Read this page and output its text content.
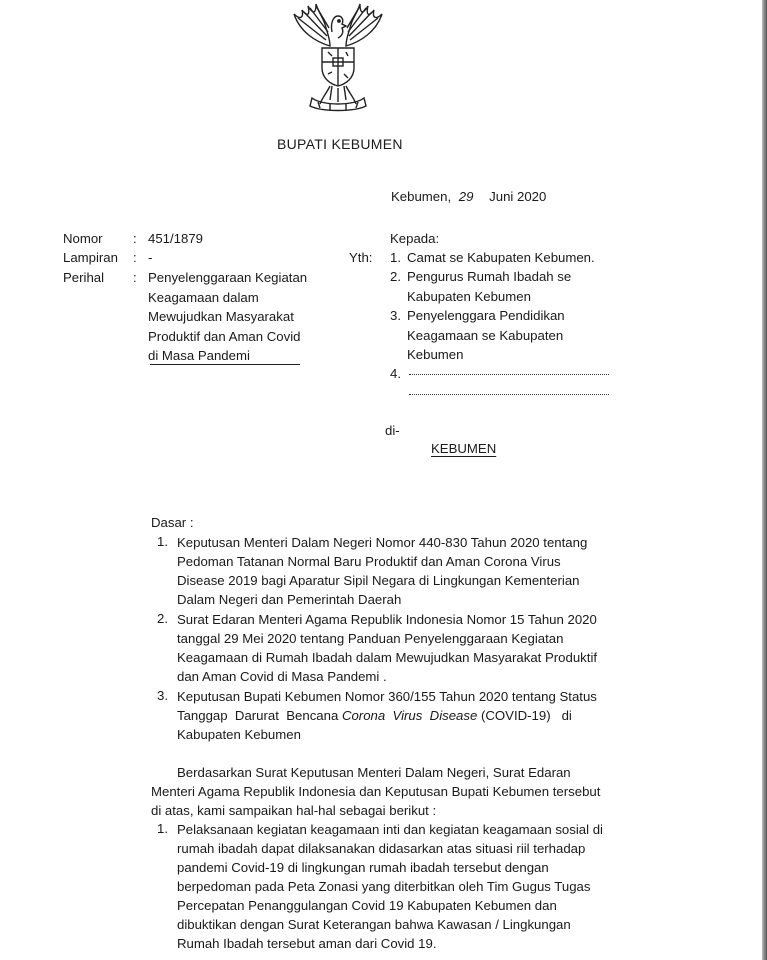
BUPATI KEBUMEN
Kebumen, 29 Juni 2020
Nomor : 451/1879
Lampiran : -
Perihal : Penyelenggaraan Kegiatan
Keagamaan dalam
Mewujudkan Masyarakat
Produktif dan Aman Covid
di Masa Pandemi
Yth:
Kepada:
1. Camat se Kabupaten Kebumen.
2. Pengurus Rumah Ibadah se
Kabupaten Kebumen
3. Penyelenggara Pendidikan
Keagamaan se Kabupaten
Kebumen
4.
di-
KEBUMEN
Dasar :
1. Keputusan Menteri Dalam Negeri Nomor 440-830 Tahun 2020 tentang
Pedoman Tatanan Normal Baru Produktif dan Aman Corona Virus
Disease 2019 bagi Aparatur Sipil Negara di Lingkungan Kementerian
Dalam Negeri dan Pemerintah Daerah
2. Surat Edaran Menteri Agama Republik Indonesia Nomor 15 Tahun 2020
tanggal 29 Mei 2020 tentang Panduan Penyelenggaraan Kegiatan
Keagamaan di Rumah Ibadah dalam Mewujudkan Masyarakat Produktif
dan Aman Covid di Masa Pandemi .
3. Keputusan Bupati Kebumen Nomor 360/155 Tahun 2020 tentang Status
Tanggap  Darurat  Bencana Corona  Virus  Disease (COVID-19)   di
Kabupaten Kebumen
Berdasarkan Surat Keputusan Menteri Dalam Negeri, Surat Edaran
Menteri Agama Republik Indonesia dan Keputusan Bupati Kebumen tersebut
di atas, kami sampaikan hal-hal sebagai berikut :
1. Pelaksanaan kegiatan keagamaan inti dan kegiatan keagamaan sosial di
rumah ibadah dapat dilaksanakan didasarkan atas situasi riil terhadap
pandemi Covid-19 di lingkungan rumah ibadah tersebut dengan
berpedoman pada Peta Zonasi yang diterbitkan oleh Tim Gugus Tugas
Percepatan Penanggulangan Covid 19 Kabupaten Kebumen dan
dibuktikan dengan Surat Keterangan bahwa Kawasan / Lingkungan
Rumah Ibadah tersebut aman dari Covid 19.
